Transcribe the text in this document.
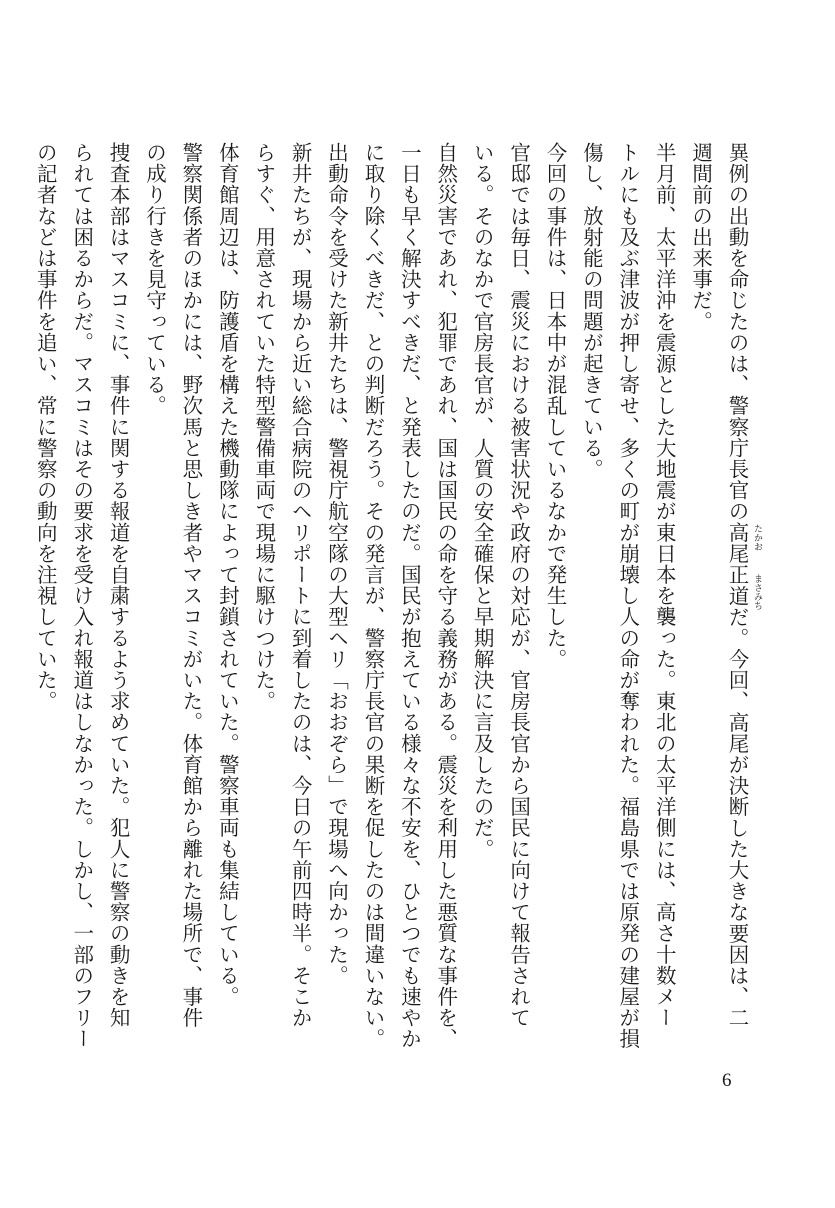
異例の出動を命じたのは、警察庁長官の高尾正道
たかお
まさみち
だ。今回、高尾が決断した大きな要因は、二
週間前の出来事だ。
半月前、太平洋沖を震源とした大地震が東日本を襲った。東北の太平洋側には、高さ十数メー
トルにも及ぶ津波が押し寄せ、多くの町が崩壊し人の命が奪われた。福島県では原発の建屋が損
傷し、放射能の問題が起きている。
今回の事件は、日本中が混乱しているなかで発生した。
官邸では毎日、震災における被害状況や政府の対応が、官房長官から国民に向けて報告されて
いる。そのなかで官房長官が、人質の安全確保と早期解決に言及したのだ。
自然災害であれ、犯罪であれ、国は国民の命を守る義務がある。震災を利用した悪質な事件を、
一日も早く解決すべきだ、と発表したのだ。国民が抱えている様々な不安を、ひとつでも速やか
に取り除くべきだ、との判断だろう。その発言が、警察庁長官の果断を促したのは間違いない。
出動命令を受けた新井たちは、警視庁航空隊の大型ヘリ「おおぞら」で現場へ向かった。
新井たちが、現場から近い総合病院のヘリポートに到着したのは、今日の午前四時半。そこか
らすぐ、用意されていた特型警備車両で現場に駆けつけた。
体育館周辺は、防護盾を構えた機動隊によって封鎖されていた。警察車両も集結している。
警察関係者のほかには、野次馬と思しき者やマスコミがいた。体育館から離れた場所で、事件
の成り行きを見守っている。
捜査本部はマスコミに、事件に関する報道を自粛するよう求めていた。犯人に警察の動きを知
られては困るからだ。マスコミはその要求を受け入れ報道はしなかった。しかし、一部のフリー
の記者などは事件を追い、常に警察の動向を注視していた。
6
